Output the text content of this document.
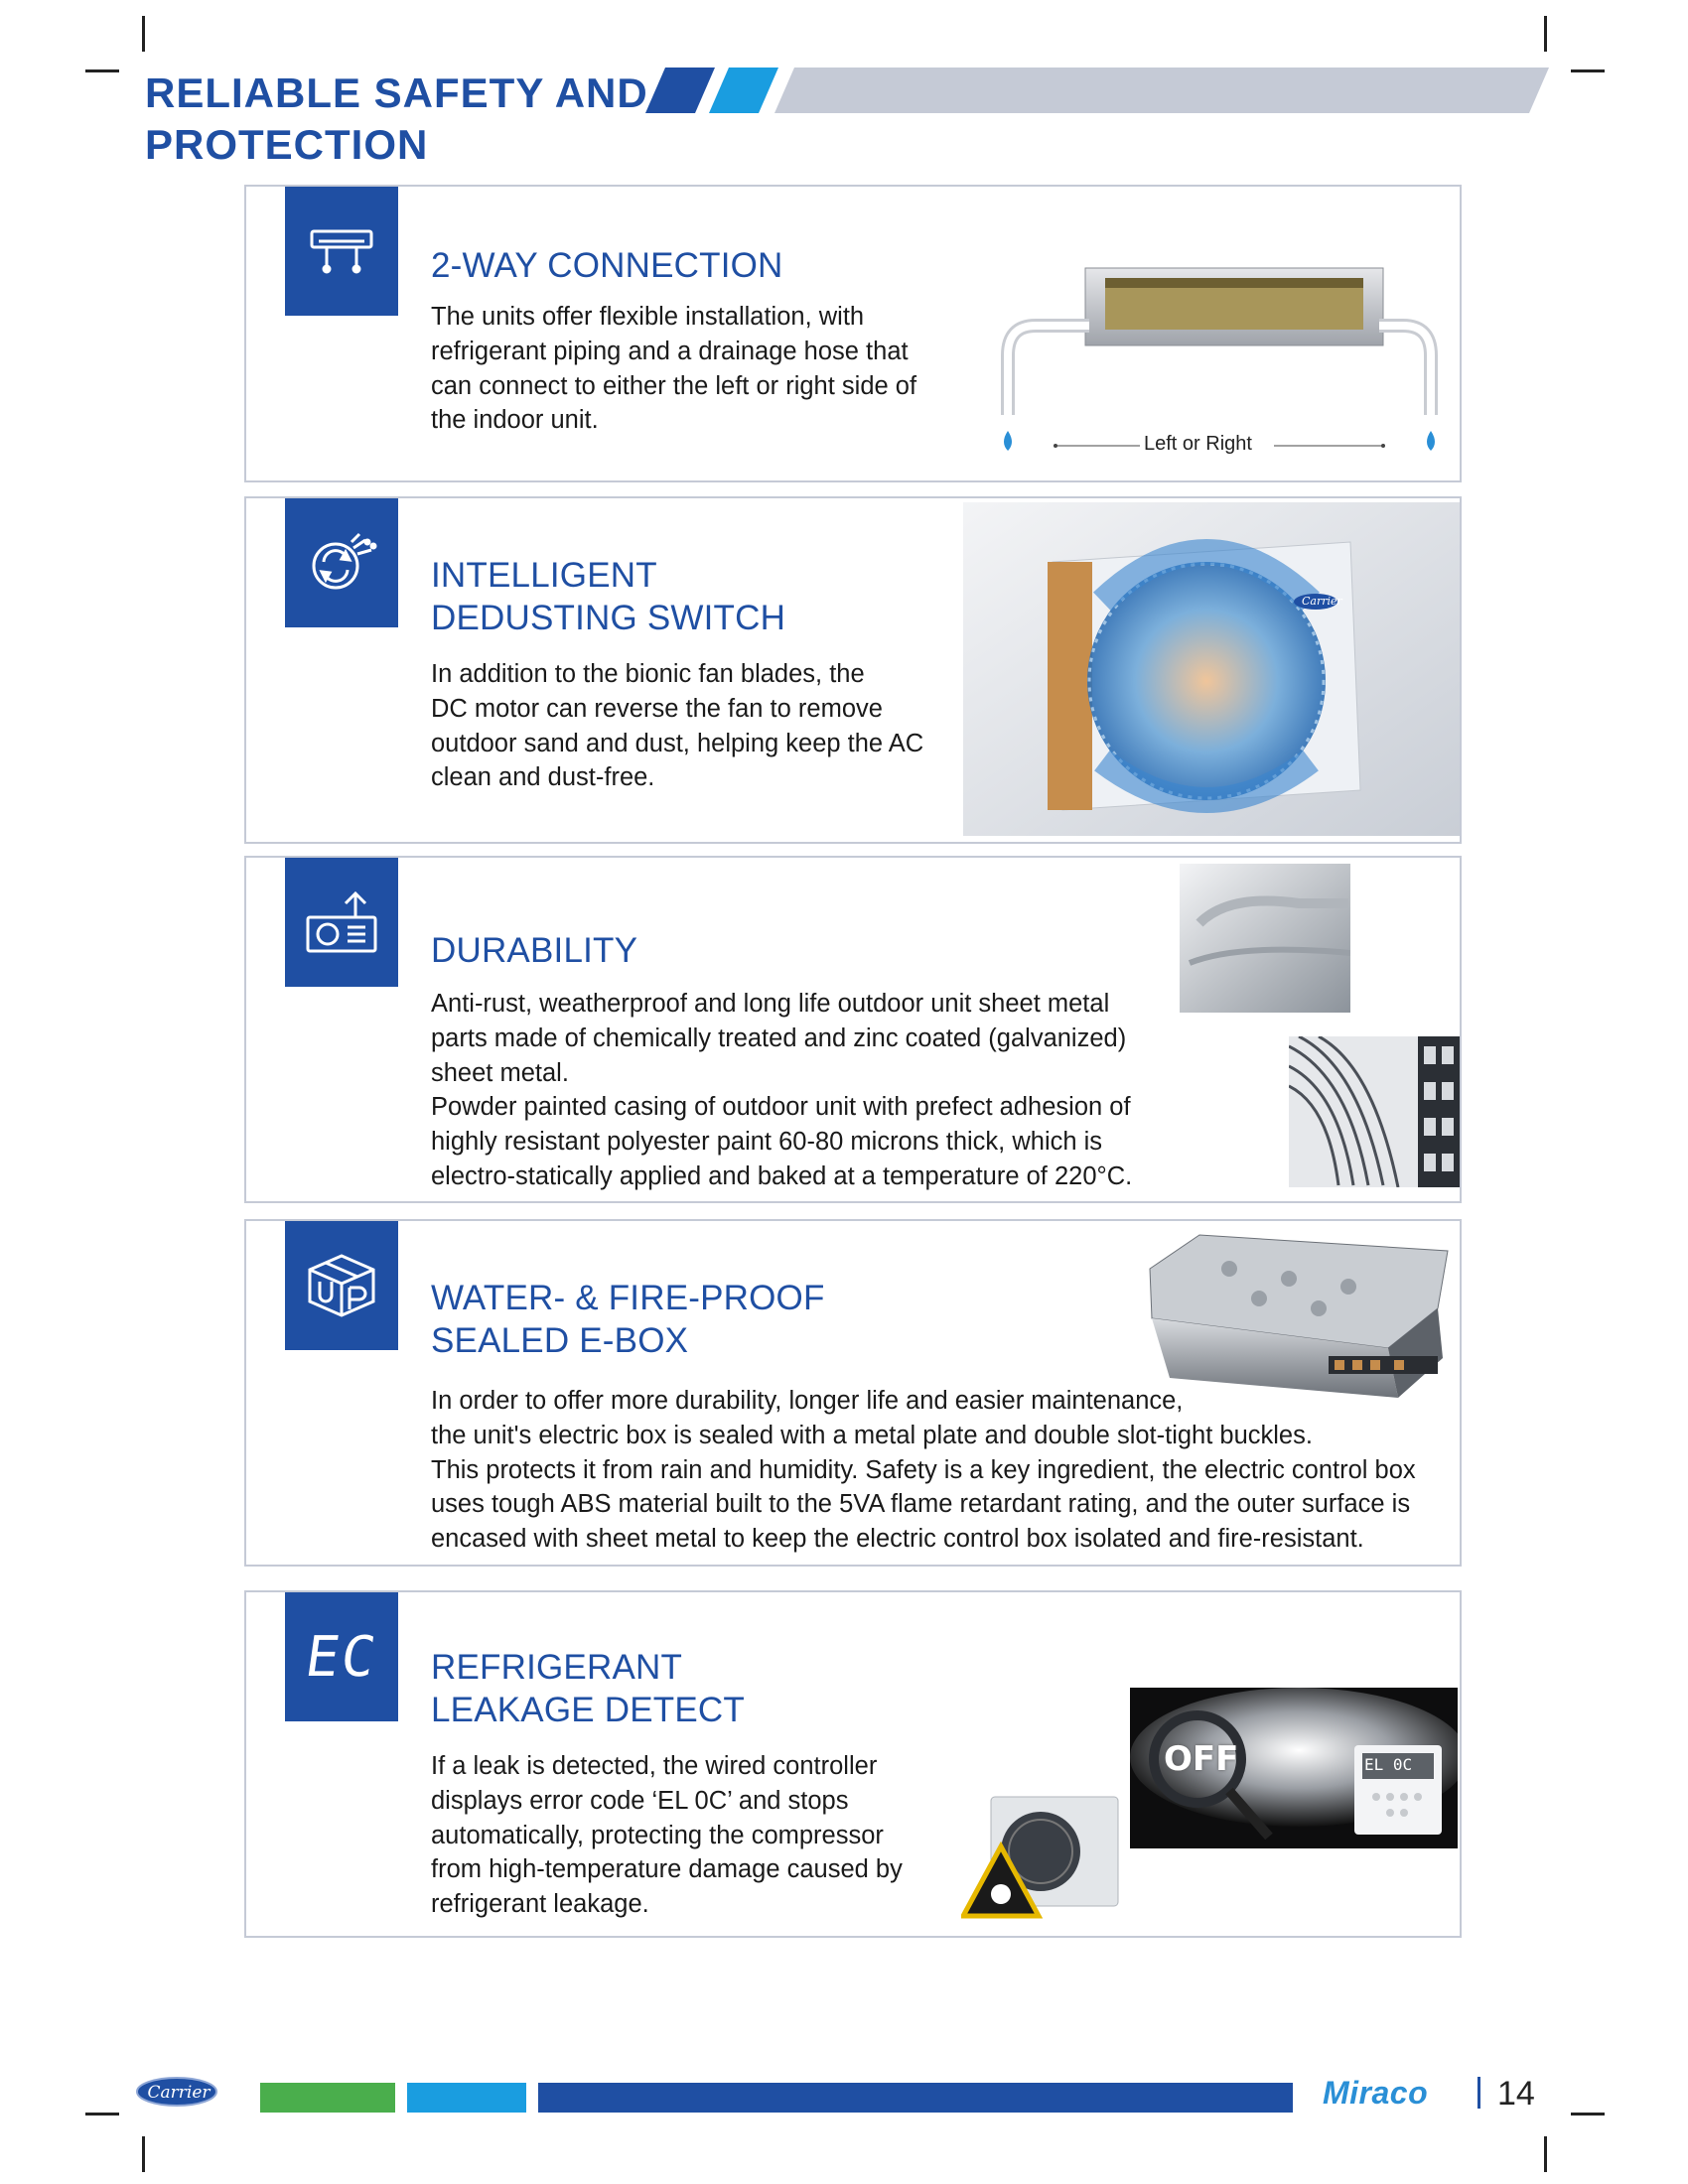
RELIABLE SAFETY AND
PROTECTION
2-WAY CONNECTION

The units offer flexible installation, with
refrigerant piping and a drainage hose that
can connect to either the left or right side of
the indoor unit.

Left or Right
INTELLIGENT
DEDUSTING SWITCH

In addition to the bionic fan blades, the
DC motor can reverse the fan to remove
outdoor sand and dust, helping keep the AC
clean and dust-free.

Carrier
DURABILITY

Anti-rust, weatherproof and long life outdoor unit sheet metal
parts made of chemically treated and zinc coated (galvanized)
sheet metal.
Powder painted casing of outdoor unit with prefect adhesion of
highly resistant polyester paint 60-80 microns thick, which is
electro-statically applied and baked at a temperature of 220°C.

WATER- & FIRE-PROOF
SEALED E-BOX

In order to offer more durability, longer life and easier maintenance,
the unit's electric box is sealed with a metal plate and double slot-tight buckles.
This protects it from rain and humidity. Safety is a key ingredient, the electric control box
uses tough ABS material built to the 5VA flame retardant rating, and the outer surface is
encased with sheet metal to keep the electric control box isolated and fire-resistant.

EC REFRIGERANT
LEAKAGE DETECT

If a leak is detected, the wired controller
displays error code ‘EL 0C’ and stops
automatically, protecting the compressor
from high-temperature damage caused by
refrigerant leakage.

OFF	EL 0C
Carrier	Miraco 14
